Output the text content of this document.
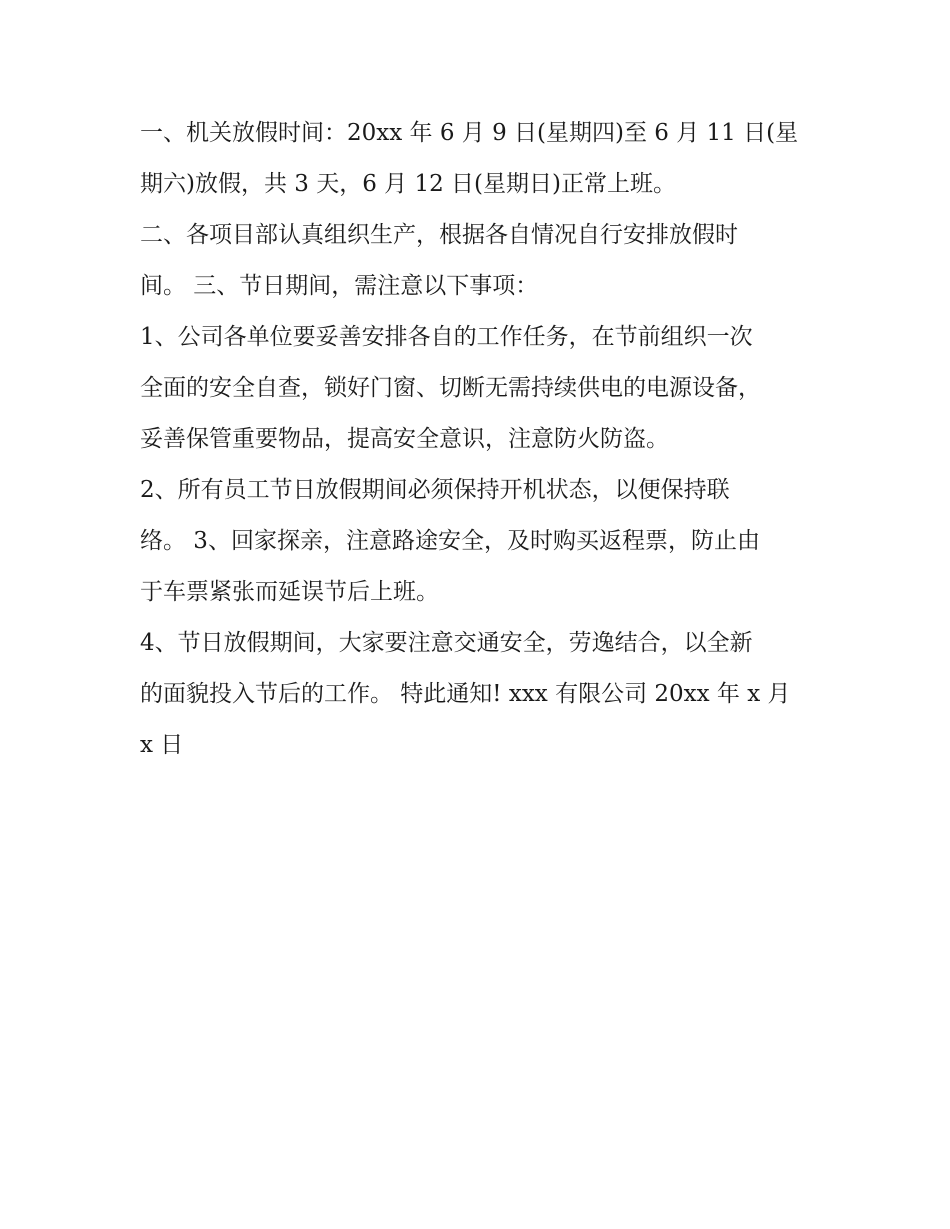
一、机关放假时间：20xx 年 6 月 9 日(星期四)至 6 月 11 日(星
期六)放假，共 3 天，6 月 12 日(星期日)正常上班。
二、各项目部认真组织生产，根据各自情况自行安排放假时
间。 三、节日期间，需注意以下事项：
1、公司各单位要妥善安排各自的工作任务，在节前组织一次
全面的安全自查，锁好门窗、切断无需持续供电的电源设备，
妥善保管重要物品，提高安全意识，注意防火防盗。
2、所有员工节日放假期间必须保持开机状态，以便保持联
络。 3、回家探亲，注意路途安全，及时购买返程票，防止由
于车票紧张而延误节后上班。
4、节日放假期间，大家要注意交通安全，劳逸结合，以全新
的面貌投入节后的工作。 特此通知! xxx 有限公司 20xx 年 x 月
x 日
